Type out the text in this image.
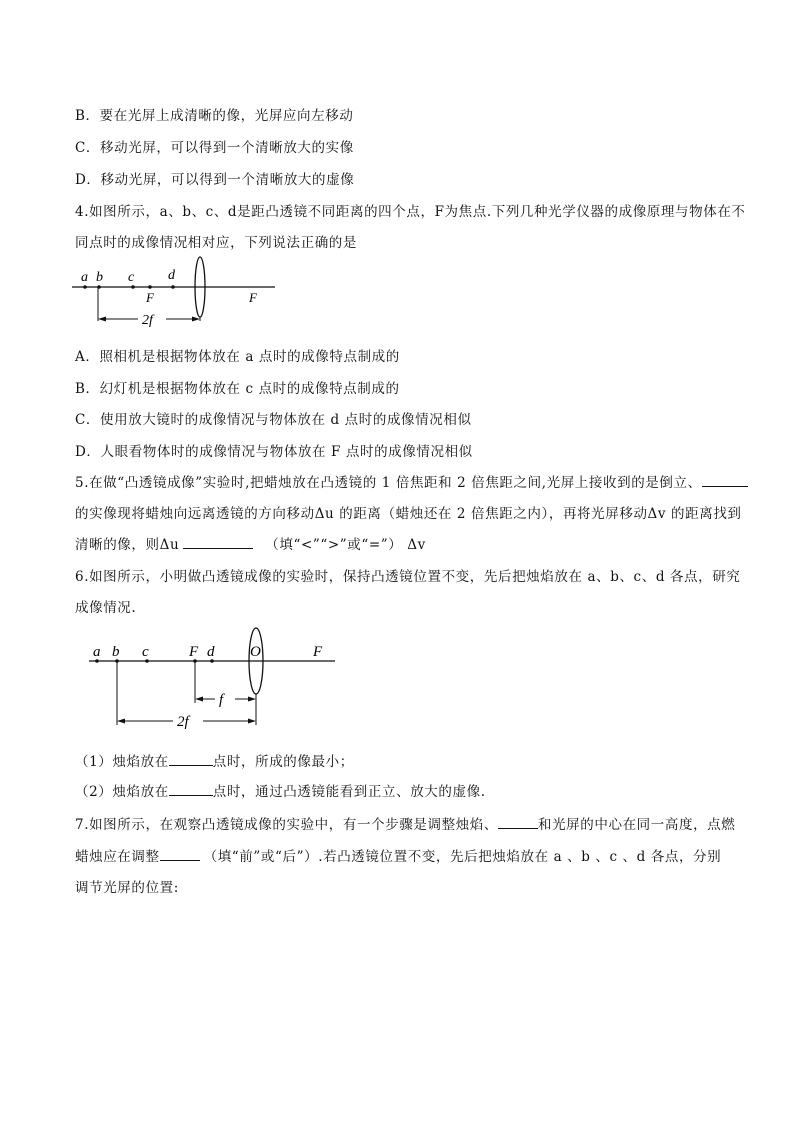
B．要在光屏上成清晰的像，光屏应向左移动
C．移动光屏，可以得到一个清晰放大的实像
D．移动光屏，可以得到一个清晰放大的虚像
4.如图所示，a、b、c、d是距凸透镜不同距离的四个点，F为焦点.下列几种光学仪器的成像原理与物体在不
同点时的成像情况相对应，下列说法正确的是
a b c d
F	F
2f
A．照相机是根据物体放在 a 点时的成像特点制成的
B．幻灯机是根据物体放在 c 点时的成像特点制成的
C．使用放大镜时的成像情况与物体放在 d 点时的成像情况相似
D．人眼看物体时的成像情况与物体放在 F 点时的成像情况相似
5.在做“凸透镜成像”实验时,把蜡烛放在凸透镜的 1 倍焦距和 2 倍焦距之间,光屏上接收到的是倒立、
的实像现将蜡烛向远离透镜的方向移动Δu 的距离（蜡烛还在 2 倍焦距之内），再将光屏移动Δv 的距离找到
清晰的像，则Δu	（填“<”“>”或“=”） Δv
6.如图所示，小明做凸透镜成像的实验时，保持凸透镜位置不变，先后把烛焰放在 a、b、c、d 各点，研究
成像情况.
a b c	F d O	F
f
2f
（1）烛焰放在	点时，所成的像最小；
（2）烛焰放在	点时，通过凸透镜能看到正立、放大的虚像.
7.如图所示，在观察凸透镜成像的实验中，有一个步骤是调整烛焰、	和光屏的中心在同一高度，点燃
蜡烛应在调整	（填“前”或“后”）.若凸透镜位置不变，先后把烛焰放在 a 、b 、c 、d 各点，分别
调节光屏的位置:
